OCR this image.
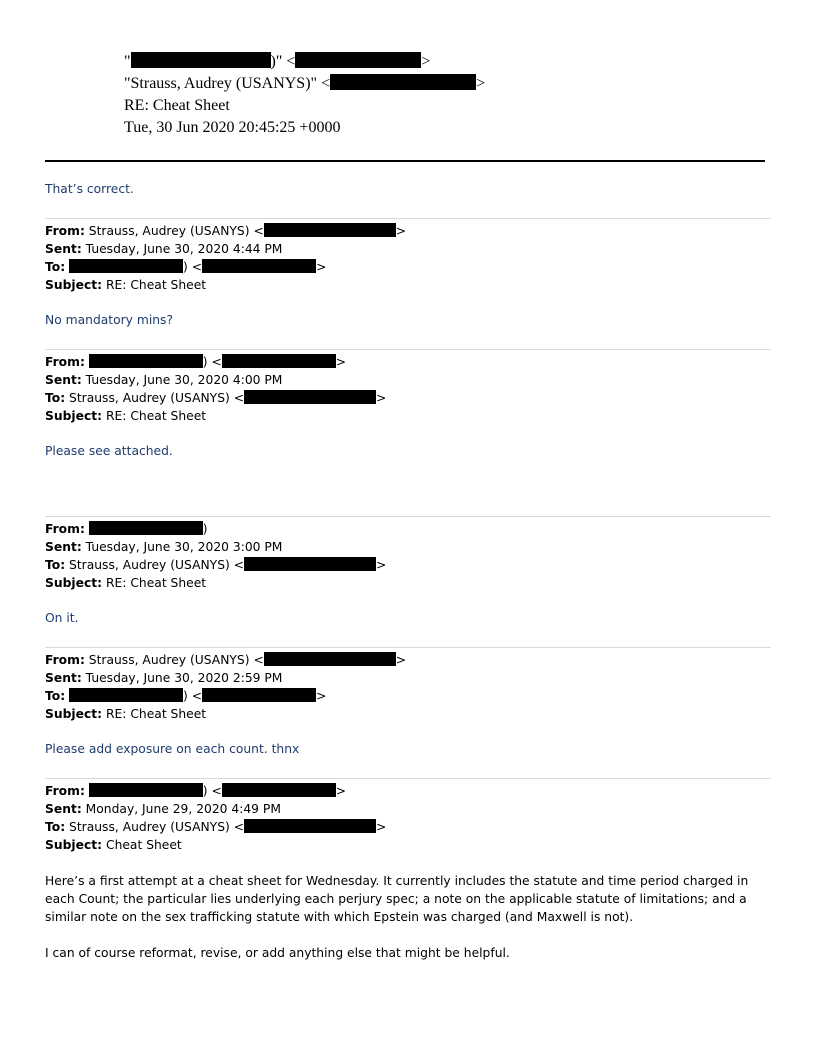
"	)" <	>
"Strauss, Audrey (USANYS)" <	>
RE: Cheat Sheet
Tue, 30 Jun 2020 20:45:25 +0000
That’s correct.
From: Strauss, Audrey (USANYS) <	>
Sent: Tuesday, June 30, 2020 4:44 PM
To:	) <	>
Subject: RE: Cheat Sheet
No mandatory mins?
From:	) <	>
Sent: Tuesday, June 30, 2020 4:00 PM
To: Strauss, Audrey (USANYS) <	>
Subject: RE: Cheat Sheet
Please see attached.
From:	)
Sent: Tuesday, June 30, 2020 3:00 PM
To: Strauss, Audrey (USANYS) <	>
Subject: RE: Cheat Sheet
On it.
From: Strauss, Audrey (USANYS) <	>
Sent: Tuesday, June 30, 2020 2:59 PM
To:	) <	>
Subject: RE: Cheat Sheet
Please add exposure on each count. thnx
From:	) <	>
Sent: Monday, June 29, 2020 4:49 PM
To: Strauss, Audrey (USANYS) <	>
Subject: Cheat Sheet
Here’s a first attempt at a cheat sheet for Wednesday. It currently includes the statute and time period charged in each Count; the particular lies underlying each perjury spec; a note on the applicable statute of limitations; and a similar note on the sex trafficking statute with which Epstein was charged (and Maxwell is not).
I can of course reformat, revise, or add anything else that might be helpful.
